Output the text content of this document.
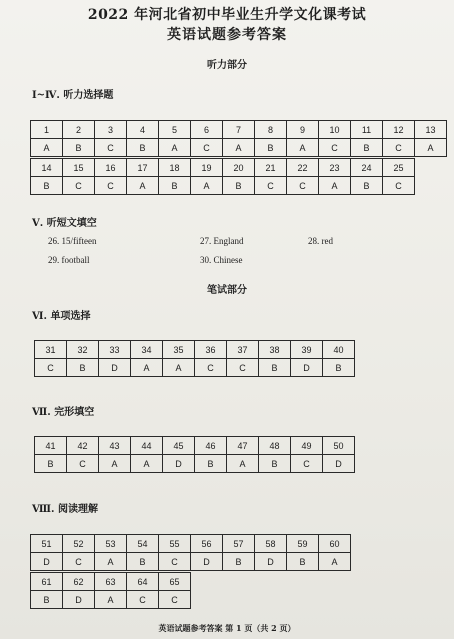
2022 年河北省初中毕业生升学文化课考试
英语试题参考答案
听力部分
Ⅰ~Ⅳ. 听力选择题
1	2	3	4	5	6	7	8	9	10	11	12	13
A	B	C	B	A	C	A	B	A	C	B	C	A
14	15	16	17	18	19	20	21	22	23	24	25
B	C	C	A	B	A	B	C	C	A	B	C
Ⅴ. 听短文填空
26. 15/fifteen	27. England	28. red
29. football	30. Chinese
笔试部分
Ⅵ. 单项选择
31	32	33	34	35	36	37	38	39	40
C	B	D	A	A	C	C	B	D	B
Ⅶ. 完形填空
41	42	43	44	45	46	47	48	49	50
B	C	A	A	D	B	A	B	C	D
Ⅷ. 阅读理解
51	52	53	54	55	56	57	58	59	60
D	C	A	B	C	D	B	D	B	A
61	62	63	64	65
B	D	A	C	C
英语试题参考答案 第 1 页（共 2 页）
